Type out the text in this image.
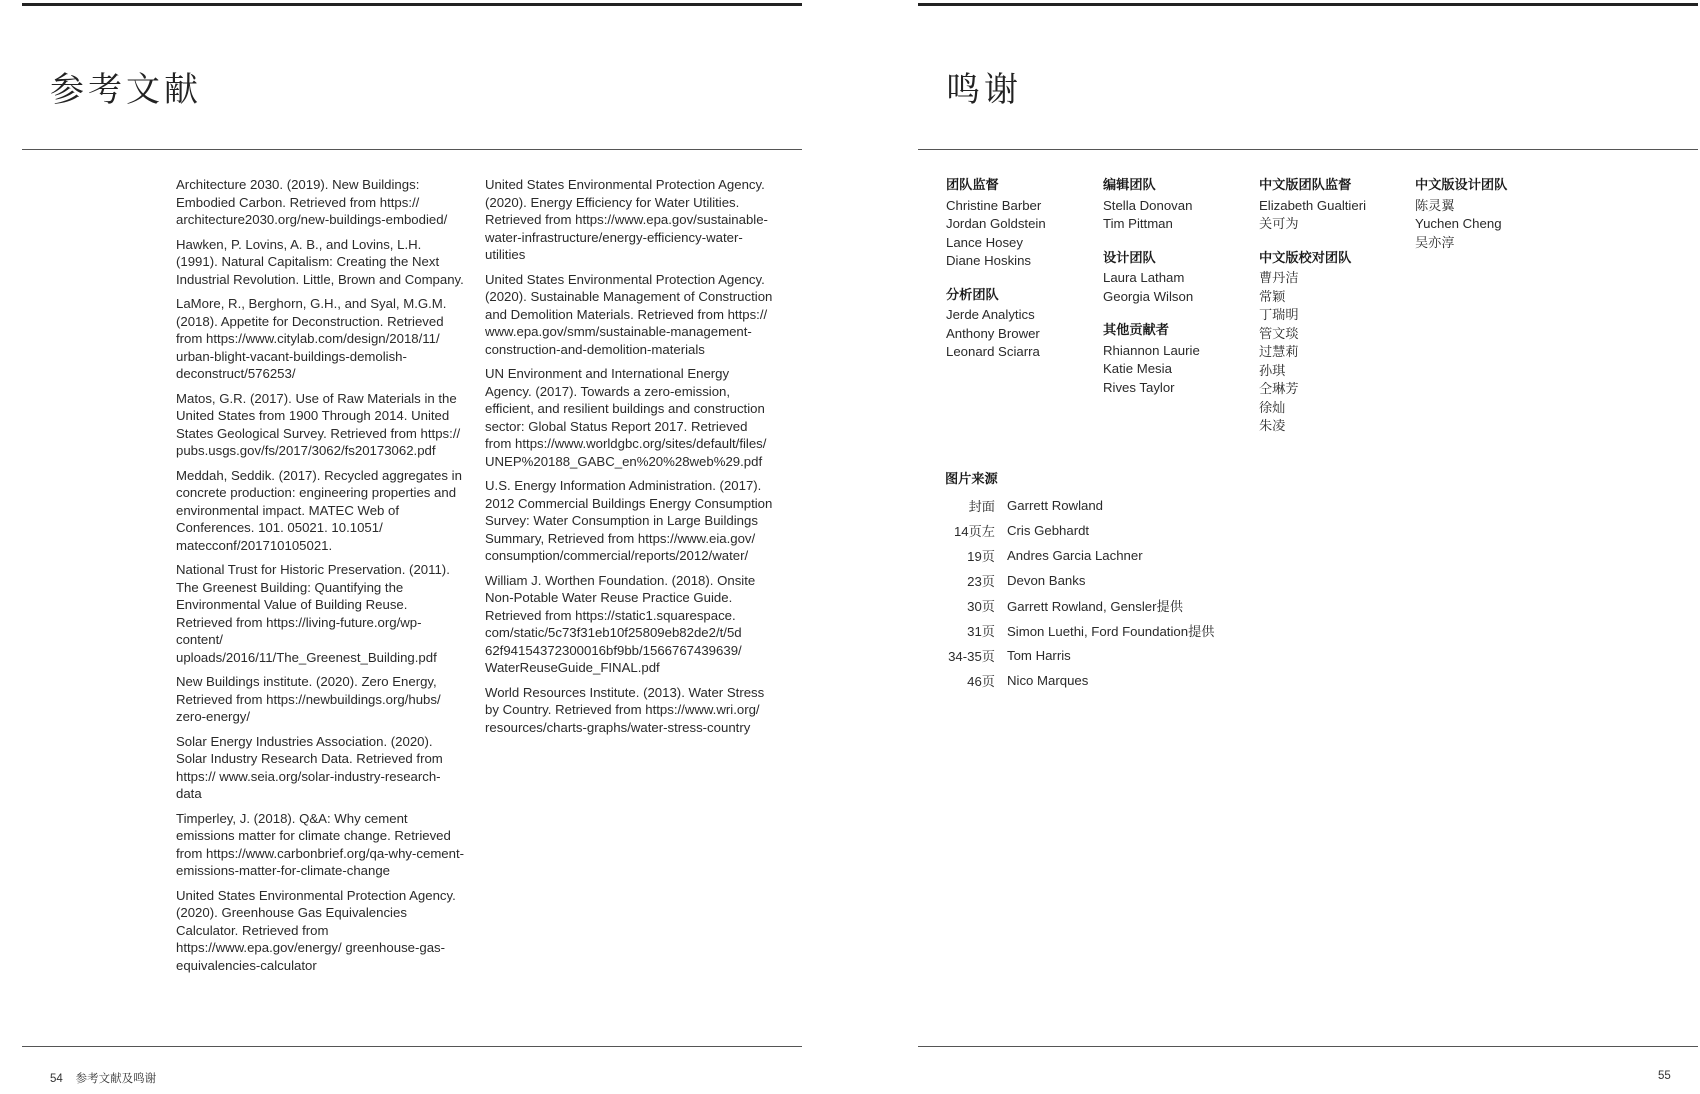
参考文献

Architecture 2030. (2019). New Buildings: Embodied Carbon. Retrieved from https:// architecture2030.org/new-buildings-embodied/

Hawken, P. Lovins, A. B., and Lovins, L.H. (1991). Natural Capitalism: Creating the Next Industrial Revolution. Little, Brown and Company.

LaMore, R., Berghorn, G.H., and Syal, M.G.M. (2018). Appetite for Deconstruction. Retrieved from https://www.citylab.com/design/2018/11/ urban-blight-vacant-buildings-demolish-deconstruct/576253/

Matos, G.R. (2017). Use of Raw Materials in the United States from 1900 Through 2014. United States Geological Survey. Retrieved from https:// pubs.usgs.gov/fs/2017/3062/fs20173062.pdf

Meddah, Seddik. (2017). Recycled aggregates in concrete production: engineering properties and environmental impact. MATEC Web of Conferences. 101. 05021. 10.1051/ matecconf/201710105021.

National Trust for Historic Preservation. (2011). The Greenest Building: Quantifying the Environmental Value of Building Reuse. Retrieved from https://living-future.org/wp-content/ uploads/2016/11/The_Greenest_Building.pdf

New Buildings institute. (2020). Zero Energy, Retrieved from https://newbuildings.org/hubs/ zero-energy/

Solar Energy Industries Association. (2020). Solar Industry Research Data. Retrieved from https:// www.seia.org/solar-industry-research-data

Timperley, J. (2018). Q&A: Why cement emissions matter for climate change. Retrieved from https://www.carbonbrief.org/qa-why-cement-emissions-matter-for-climate-change

United States Environmental Protection Agency. (2020). Greenhouse Gas Equivalencies Calculator. Retrieved from https://www.epa.gov/energy/ greenhouse-gas-equivalencies-calculator

United States Environmental Protection Agency. (2020). Energy Efficiency for Water Utilities. Retrieved from https://www.epa.gov/sustainable-water-infrastructure/energy-efficiency-water-utilities

United States Environmental Protection Agency. (2020). Sustainable Management of Construction and Demolition Materials. Retrieved from https:// www.epa.gov/smm/sustainable-management-construction-and-demolition-materials

UN Environment and International Energy Agency. (2017). Towards a zero-emission, efficient, and resilient buildings and construction sector: Global Status Report 2017. Retrieved from https://www.worldgbc.org/sites/default/files/ UNEP%20188_GABC_en%20%28web%29.pdf

U.S. Energy Information Administration. (2017). 2012 Commercial Buildings Energy Consumption Survey: Water Consumption in Large Buildings Summary, Retrieved from https://www.eia.gov/ consumption/commercial/reports/2012/water/

William J. Worthen Foundation. (2018). Onsite Non-Potable Water Reuse Practice Guide. Retrieved from https://static1.squarespace. com/static/5c73f31eb10f25809eb82de2/t/5d 62f94154372300016bf9bb/1566767439639/ WaterReuseGuide_FINAL.pdf

World Resources Institute. (2013). Water Stress by Country. Retrieved from https://www.wri.org/ resources/charts-graphs/water-stress-country

54 参考文献及鸣谢
鸣谢
团队监督
Christine Barber
Jordan Goldstein
Lance Hosey
Diane Hoskins
分析团队
Jerde Analytics
Anthony Brower
Leonard Sciarra
编辑团队
Stella Donovan
Tim Pittman
设计团队
Laura Latham
Georgia Wilson
其他贡献者
Rhiannon Laurie
Katie Mesia
Rives Taylor
中文版团队监督
Elizabeth Gualtieri
关可为
中文版校对团队
曹丹洁
常颖
丁瑞明
管文琰
过慧莉
孙琪
仝琳芳
徐灿
朱凌
中文版设计团队
陈灵翼
Yuchen Cheng
吴亦淳
图片来源
封面 Garrett Rowland
14页左 Cris Gebhardt
19页 Andres Garcia Lachner
23页 Devon Banks
30页 Garrett Rowland, Gensler提供
31页 Simon Luethi, Ford Foundation提供
34-35页 Tom Harris
46页 Nico Marques
55
